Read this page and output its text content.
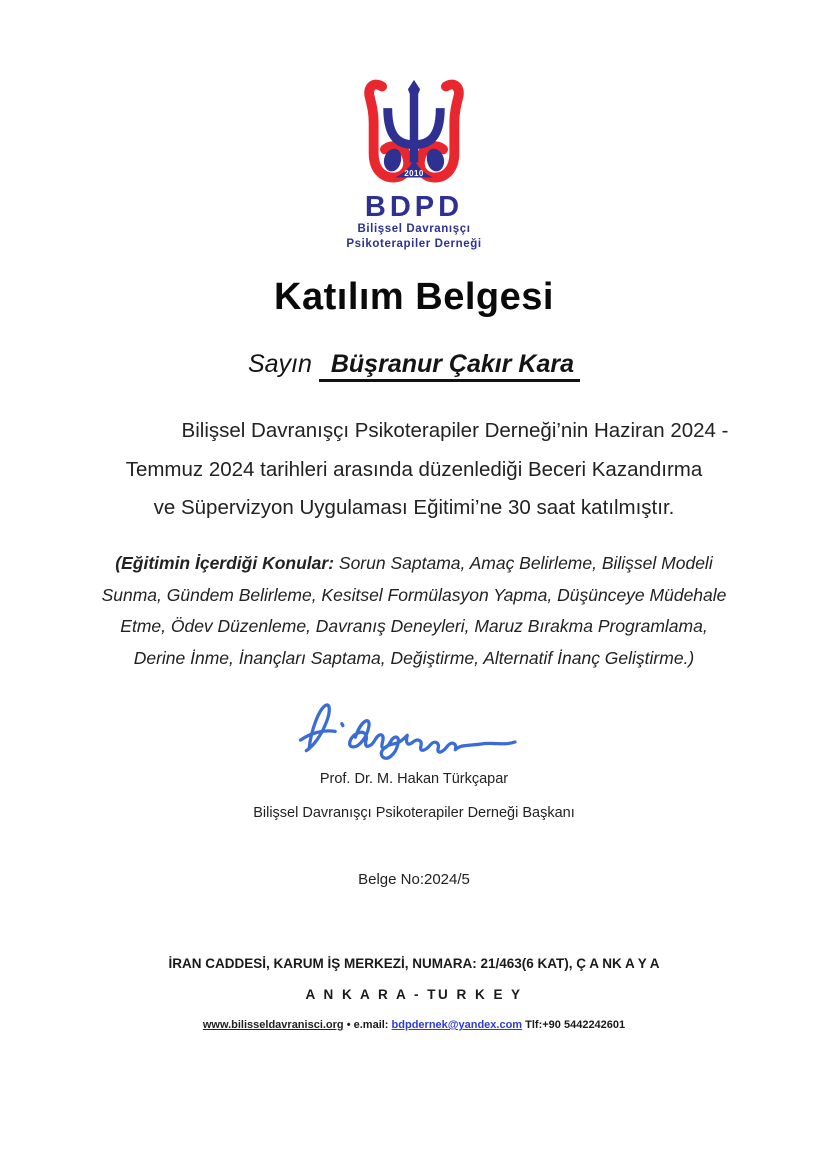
2010
BDPD
Bilişsel Davranışçı
Psikoterapiler Derneği
Katılım Belgesi
Sayın Büşranur Çakır Kara
Bilişsel Davranışçı Psikoterapiler Derneği’nin Haziran 2024 -
Temmuz 2024 tarihleri arasında düzenlediği Beceri Kazandırma
ve Süpervizyon Uygulaması Eğitimi’ne 30 saat katılmıştır.
(Eğitimin İçerdiği Konular: Sorun Saptama, Amaç Belirleme, Bilişsel Modeli
Sunma, Gündem Belirleme, Kesitsel Formülasyon Yapma, Düşünceye Müdehale
Etme, Ödev Düzenleme, Davranış Deneyleri, Maruz Bırakma Programlama,
Derine İnme, İnançları Saptama, Değiştirme, Alternatif İnanç Geliştirme.)
Prof. Dr. M. Hakan Türkçapar
Bilişsel Davranışçı Psikoterapiler Derneği Başkanı
Belge No:2024/5
İRAN CADDESİ, KARUM İŞ MERKEZİ, NUMARA: 21/463(6 KAT), Ç A NK A Y A
A N K A R A - TU R K E Y
www.bilisseldavranisci.org • e.mail: bdpdernek@yandex.com Tlf:+90 5442242601
